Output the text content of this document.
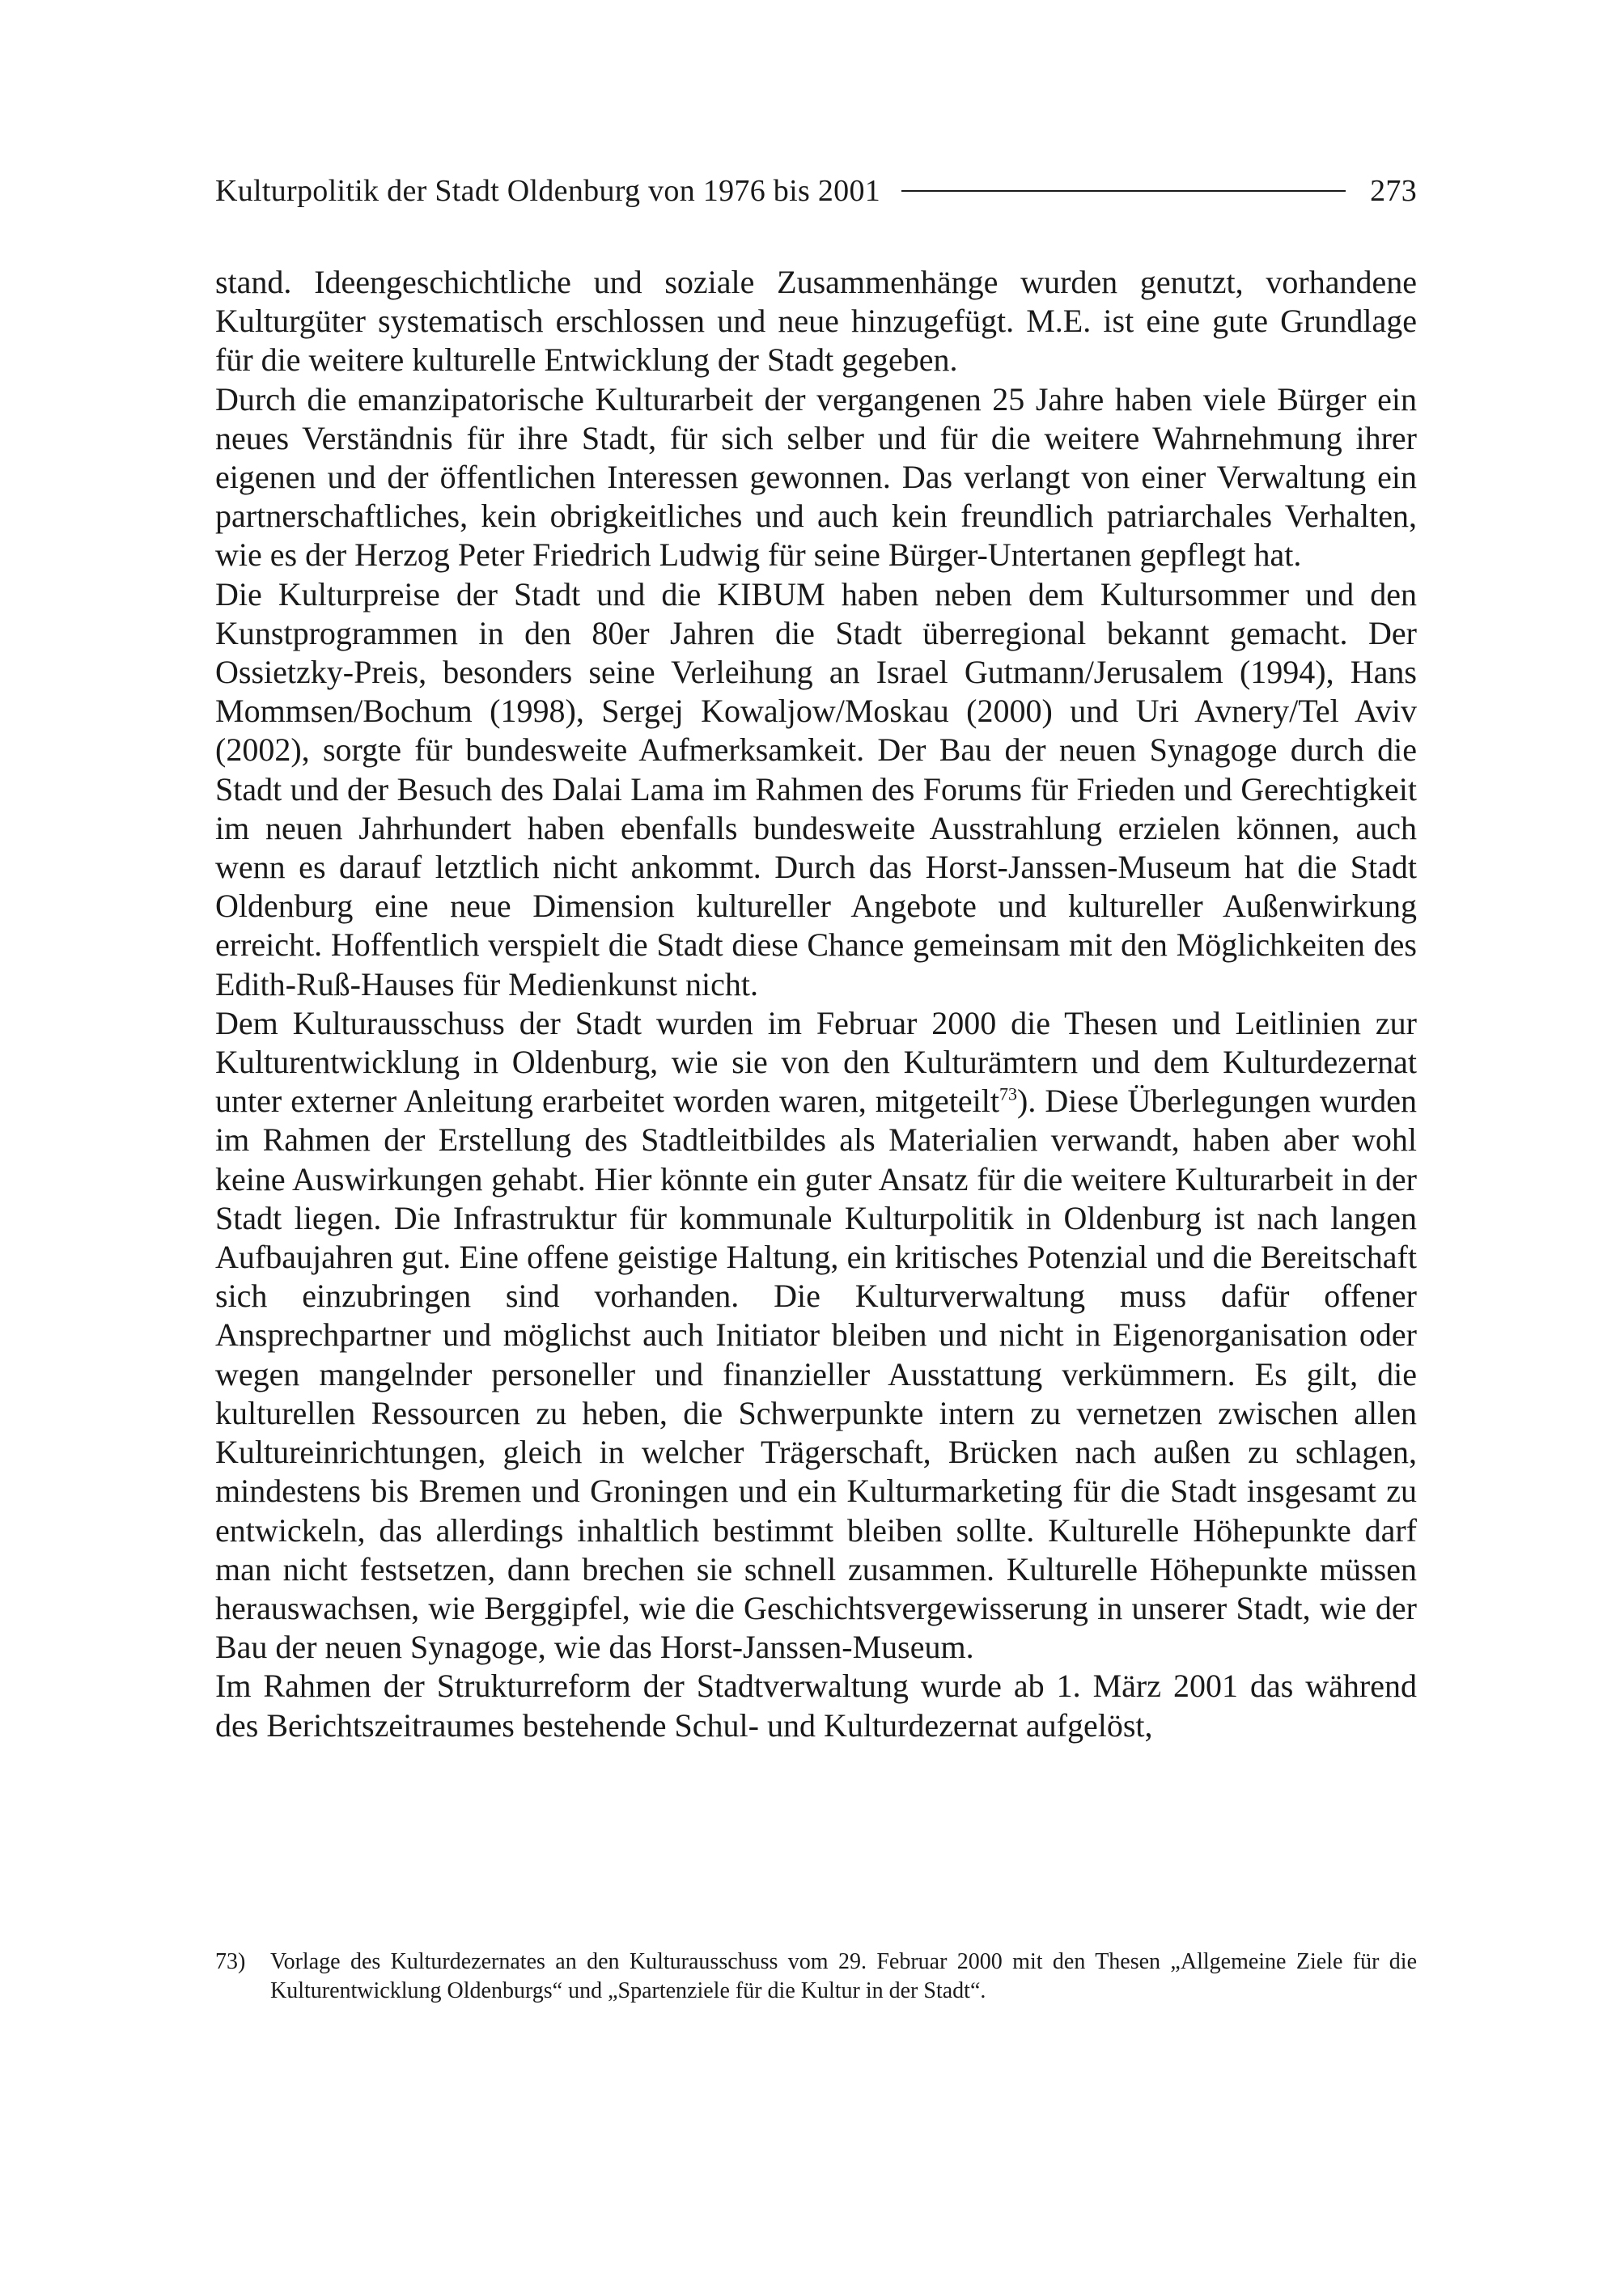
Kulturpolitik der Stadt Oldenburg von 1976 bis 2001	273

stand. Ideengeschichtliche und soziale Zusammenhänge wurden genutzt, vorhandene Kulturgüter systematisch erschlossen und neue hinzugefügt. M.E. ist eine gute Grundlage für die weitere kulturelle Entwicklung der Stadt gegeben.

Durch die emanzipatorische Kulturarbeit der vergangenen 25 Jahre haben viele Bürger ein neues Verständnis für ihre Stadt, für sich selber und für die weitere Wahrnehmung ihrer eigenen und der öffentlichen Interessen gewonnen. Das verlangt von einer Verwaltung ein partnerschaftliches, kein obrigkeitliches und auch kein freundlich patriarchales Verhalten, wie es der Herzog Peter Friedrich Ludwig für seine Bürger-Untertanen gepflegt hat.

Die Kulturpreise der Stadt und die KIBUM haben neben dem Kultursommer und den Kunstprogrammen in den 80er Jahren die Stadt überregional bekannt gemacht. Der Ossietzky-Preis, besonders seine Verleihung an Israel Gutmann/Jerusalem (1994), Hans Mommsen/Bochum (1998), Sergej Kowaljow/Moskau (2000) und Uri Avnery/Tel Aviv (2002), sorgte für bundesweite Aufmerksamkeit. Der Bau der neuen Synagoge durch die Stadt und der Besuch des Dalai Lama im Rahmen des Forums für Frieden und Gerechtigkeit im neuen Jahrhundert haben ebenfalls bundesweite Ausstrahlung erzielen können, auch wenn es darauf letztlich nicht ankommt. Durch das Horst-Janssen-Museum hat die Stadt Oldenburg eine neue Dimension kultureller Angebote und kultureller Außenwirkung erreicht. Hoffentlich verspielt die Stadt diese Chance gemeinsam mit den Möglichkeiten des Edith-Ruß-Hauses für Medienkunst nicht.

Dem Kulturausschuss der Stadt wurden im Februar 2000 die Thesen und Leitlinien zur Kulturentwicklung in Oldenburg, wie sie von den Kulturämtern und dem Kulturdezernat unter externer Anleitung erarbeitet worden waren, mitgeteilt$^{73}$). Diese Überlegungen wurden im Rahmen der Erstellung des Stadtleitbildes als Materialien verwandt, haben aber wohl keine Auswirkungen gehabt. Hier könnte ein guter Ansatz für die weitere Kulturarbeit in der Stadt liegen. Die Infrastruktur für kommunale Kulturpolitik in Oldenburg ist nach langen Aufbaujahren gut. Eine offene geistige Haltung, ein kritisches Potenzial und die Bereitschaft sich einzubringen sind vorhanden. Die Kulturverwaltung muss dafür offener Ansprechpartner und möglichst auch Initiator bleiben und nicht in Eigenorganisation oder wegen mangelnder personeller und finanzieller Ausstattung verkümmern. Es gilt, die kulturellen Ressourcen zu heben, die Schwerpunkte intern zu vernetzen zwischen allen Kultureinrichtungen, gleich in welcher Trägerschaft, Brücken nach außen zu schlagen, mindestens bis Bremen und Groningen und ein Kulturmarketing für die Stadt insgesamt zu entwickeln, das allerdings inhaltlich bestimmt bleiben sollte. Kulturelle Höhepunkte darf man nicht festsetzen, dann brechen sie schnell zusammen. Kulturelle Höhepunkte müssen herauswachsen, wie Berggipfel, wie die Geschichtsvergewisserung in unserer Stadt, wie der Bau der neuen Synagoge, wie das Horst-Janssen-Museum.

Im Rahmen der Strukturreform der Stadtverwaltung wurde ab 1. März 2001 das während des Berichtszeitraumes bestehende Schul- und Kulturdezernat aufgelöst,

73)	Vorlage des Kulturdezernates an den Kulturausschuss vom 29. Februar 2000 mit den Thesen „Allgemeine Ziele für die Kulturentwicklung Oldenburgs“ und „Spartenziele für die Kultur in der Stadt“.
